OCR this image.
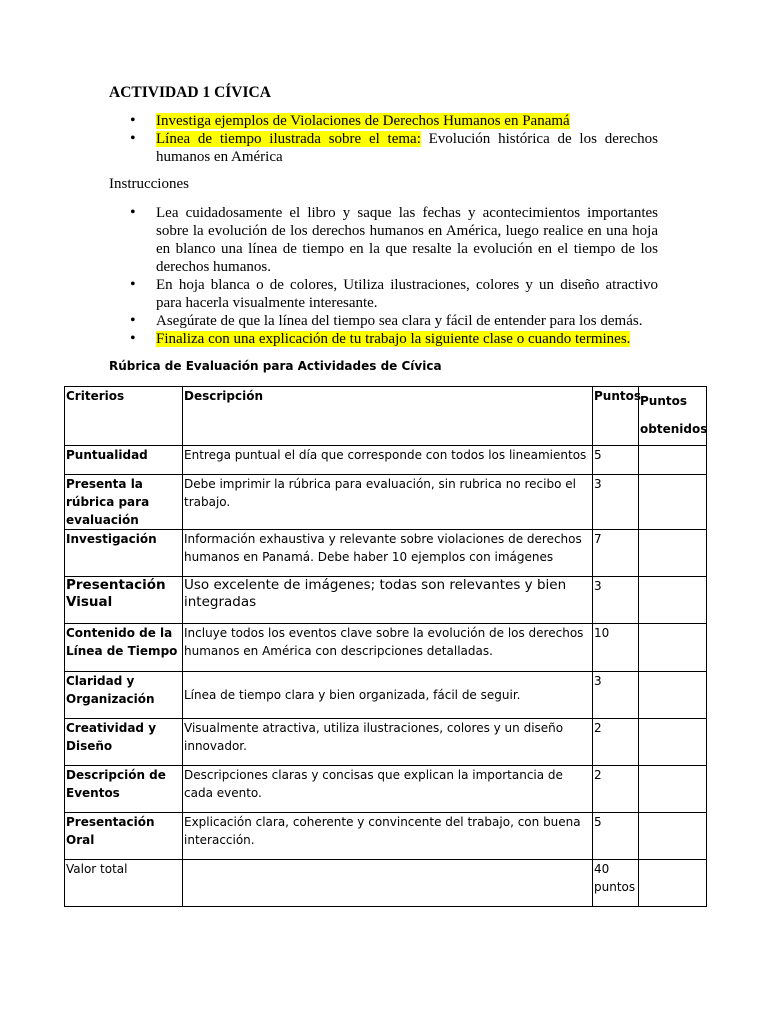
ACTIVIDAD 1 CÍVICA
• Investiga ejemplos de Violaciones de Derechos Humanos en Panamá
• Línea de tiempo ilustrada sobre el tema: Evolución histórica de los derechos humanos en América

Instrucciones

• Lea cuidadosamente el libro y saque las fechas y acontecimientos importantes sobre la evolución de los derechos humanos en América, luego realice en una hoja en blanco una línea de tiempo en la que resalte la evolución en el tiempo de los derechos humanos.
• En hoja blanca o de colores, Utiliza ilustraciones, colores y un diseño atractivo para hacerla visualmente interesante.
• Asegúrate de que la línea del tiempo sea clara y fácil de entender para los demás.
• Finaliza con una explicación de tu trabajo la siguiente clase o cuando termines.

Rúbrica de Evaluación para Actividades de Cívica

Criterios	Descripción	Puntos	Puntos
obtenidos
Puntualidad	Entrega puntual el día que corresponde con todos los lineamientos	5	
Presenta la rúbrica para evaluación	Debe imprimir la rúbrica para evaluación, sin rubrica no recibo el trabajo.	3	
Investigación	Información exhaustiva y relevante sobre violaciones de derechos humanos en Panamá. Debe haber 10 ejemplos con imágenes	7	
Presentación Visual	Uso excelente de imágenes; todas son relevantes y bien integradas	3	
Contenido de la Línea de Tiempo	Incluye todos los eventos clave sobre la evolución de los derechos humanos en América con descripciones detalladas.	10	
Claridad y Organización	Línea de tiempo clara y bien organizada, fácil de seguir.	3	
Creatividad y Diseño	Visualmente atractiva, utiliza ilustraciones, colores y un diseño innovador.	2	
Descripción de Eventos	Descripciones claras y concisas que explican la importancia de cada evento.	2	
Presentación Oral	Explicación clara, coherente y convincente del trabajo, con buena interacción.	5	
Valor total		40 puntos	
